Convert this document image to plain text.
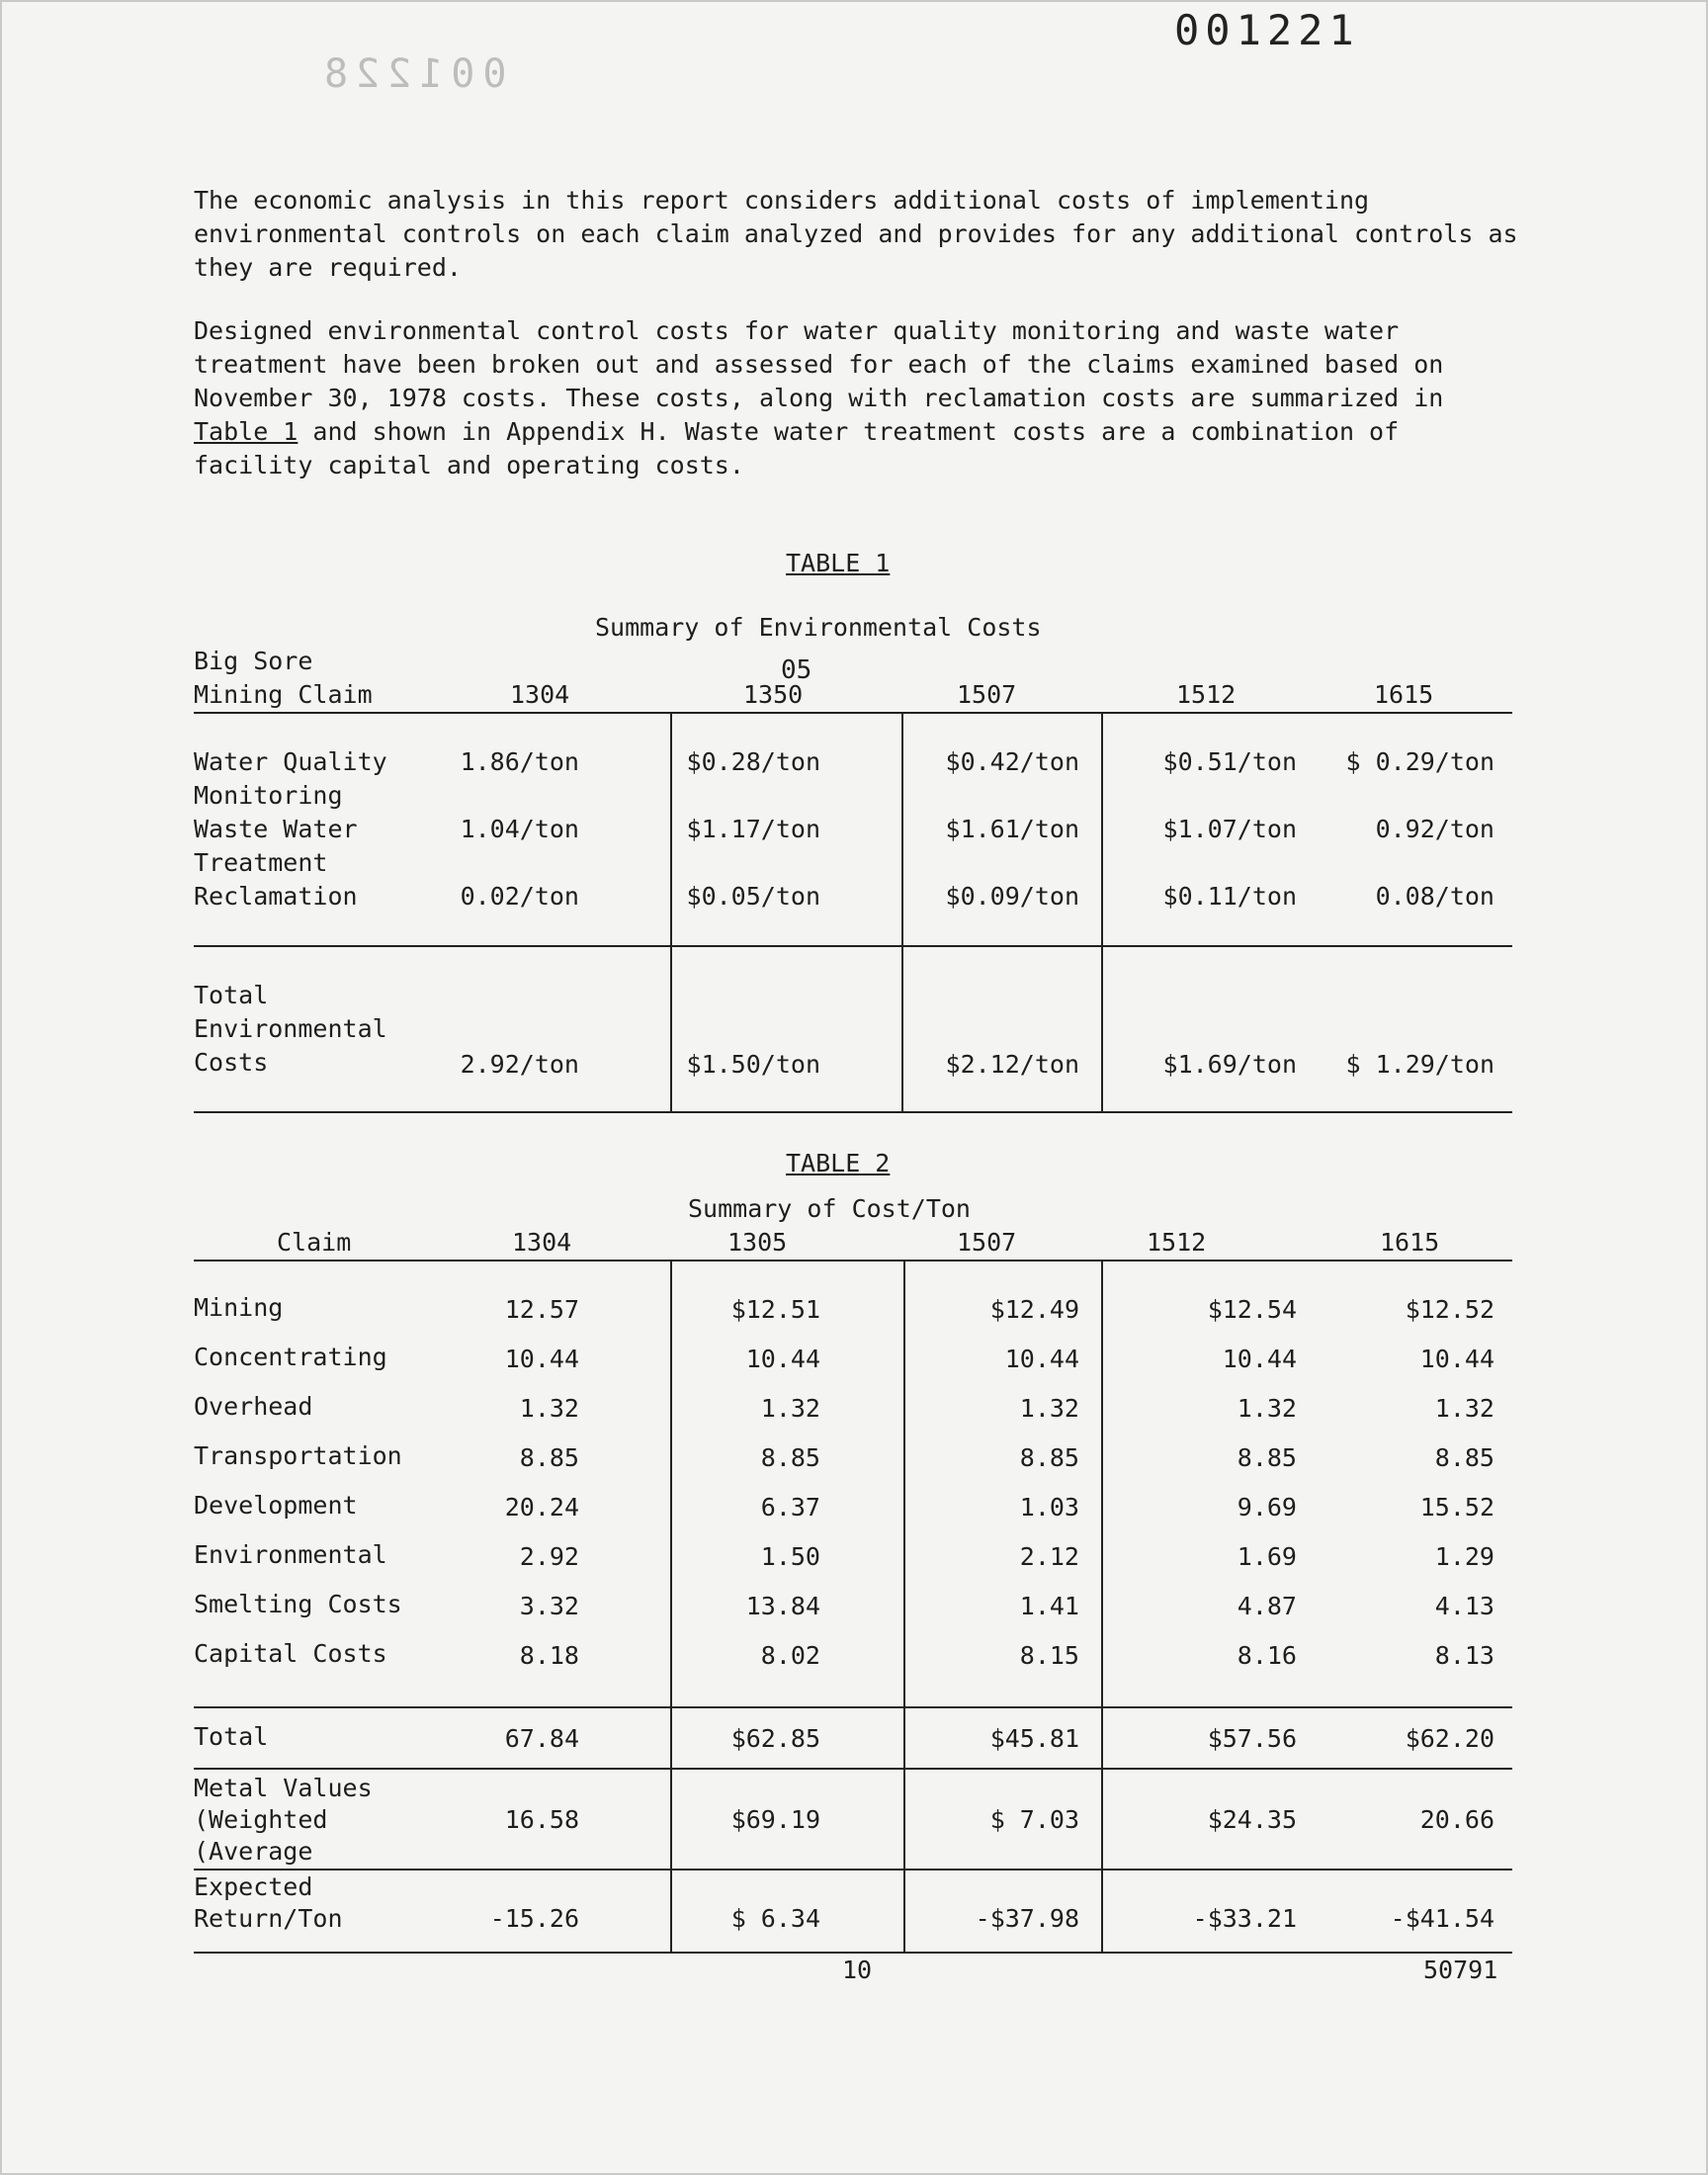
001221
001228

The economic analysis in this report considers additional costs of implementing environmental controls on each claim analyzed and provides for any additional controls as they are required.

Designed environmental control costs for water quality monitoring and waste water treatment have been broken out and assessed for each of the claims examined based on November 30, 1978 costs. These costs, along with reclamation costs are summarized in Table 1 and shown in Appendix H. Waste water treatment costs are a combination of facility capital and operating costs.

TABLE 1
Summary of Environmental Costs
Big Sore
Mining Claim
05
1304	1350	1507	1512	1615
Water Quality
Monitoring
1.86/ton	$0.28/ton	$0.42/ton	$0.51/ton	$ 0.29/ton
Waste Water
Treatment
1.04/ton	$1.17/ton	$1.61/ton	$1.07/ton	0.92/ton
Reclamation	0.02/ton	$0.05/ton	$0.09/ton	$0.11/ton	0.08/ton
Total
Environmental
Costs	2.92/ton	$1.50/ton	$2.12/ton	$1.69/ton	$ 1.29/ton
TABLE 2
Summary of Cost/Ton
Claim	1304	1305	1507	1512	1615
Mining	12.57	$12.51	$12.49	$12.54	$12.52
Concentrating	10.44	10.44	10.44	10.44	10.44
Overhead	1.32	1.32	1.32	1.32	1.32
Transportation	8.85	8.85	8.85	8.85	8.85
Development	20.24	6.37	1.03	9.69	15.52
Environmental	2.92	1.50	2.12	1.69	1.29
Smelting Costs	3.32	13.84	1.41	4.87	4.13
Capital Costs	8.18	8.02	8.15	8.16	8.13
Total	67.84	$62.85	$45.81	$57.56	$62.20
Metal Values
(Weighted
(Average
16.58	$69.19	$ 7.03	$24.35	20.66
Expected
Return/Ton	-15.26	$ 6.34	-$37.98	-$33.21	-$41.54
10	50791
